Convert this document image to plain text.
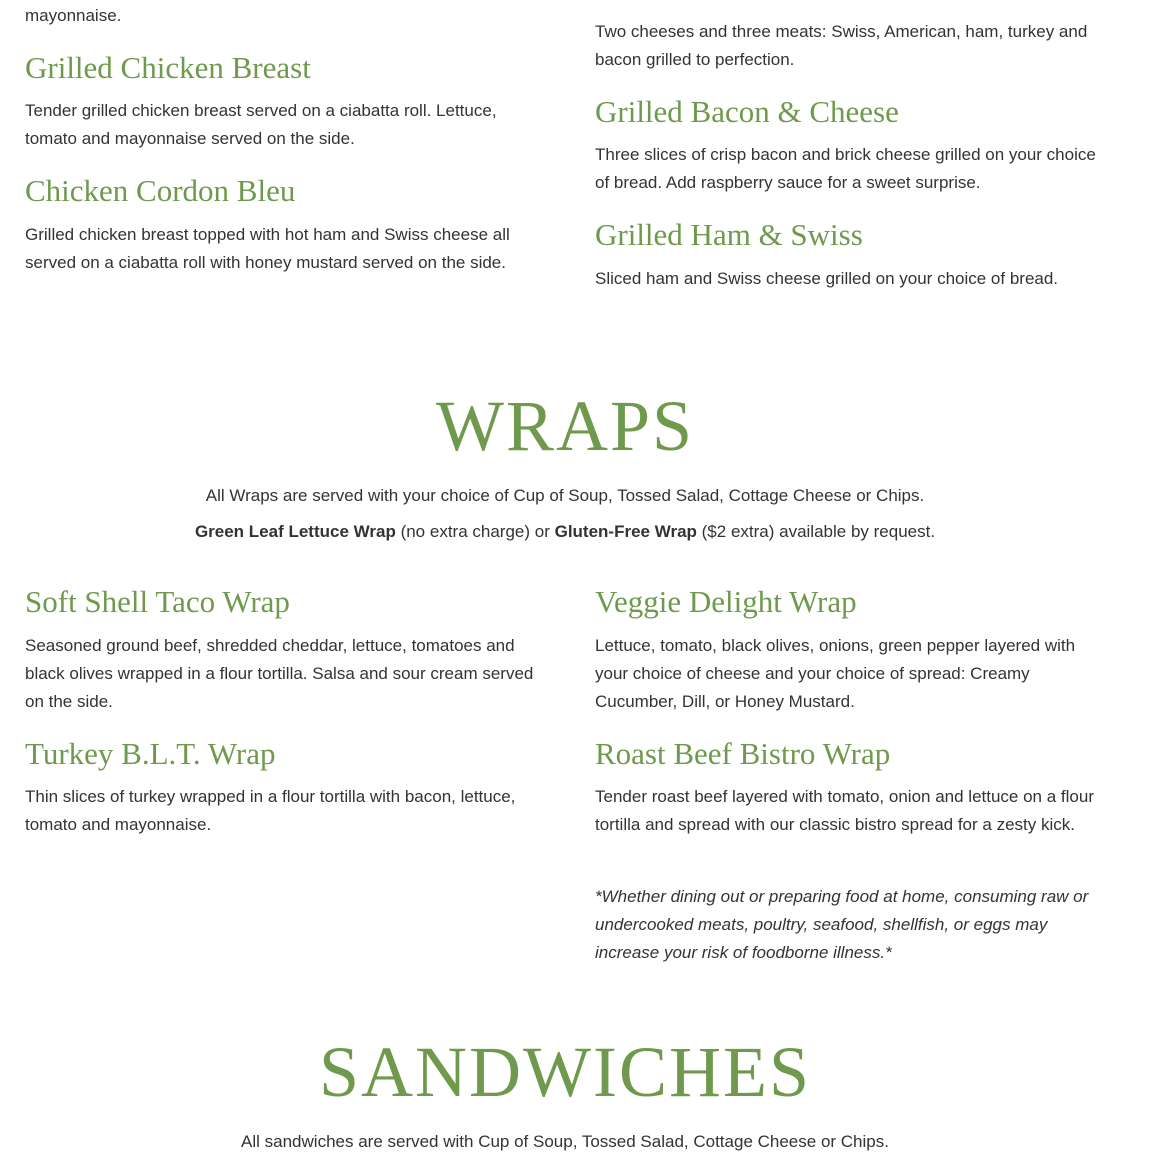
mayonnaise.

Grilled Chicken Breast

Tender grilled chicken breast served on a ciabatta roll. Lettuce, tomato and mayonnaise served on the side.

Chicken Cordon Bleu

Grilled chicken breast topped with hot ham and Swiss cheese all served on a ciabatta roll with honey mustard served on the side.

Two cheeses and three meats: Swiss, American, ham, turkey and bacon grilled to perfection.

Grilled Bacon & Cheese

Three slices of crisp bacon and brick cheese grilled on your choice of bread. Add raspberry sauce for a sweet surprise.

Grilled Ham & Swiss

Sliced ham and Swiss cheese grilled on your choice of bread.

WRAPS

All Wraps are served with your choice of Cup of Soup, Tossed Salad, Cottage Cheese or Chips.

Green Leaf Lettuce Wrap (no extra charge) or Gluten-Free Wrap ($2 extra) available by request.

Soft Shell Taco Wrap

Seasoned ground beef, shredded cheddar, lettuce, tomatoes and black olives wrapped in a flour tortilla. Salsa and sour cream served on the side.

Turkey B.L.T. Wrap

Thin slices of turkey wrapped in a flour tortilla with bacon, lettuce, tomato and mayonnaise.

Veggie Delight Wrap

Lettuce, tomato, black olives, onions, green pepper layered with your choice of cheese and your choice of spread: Creamy Cucumber, Dill, or Honey Mustard.

Roast Beef Bistro Wrap

Tender roast beef layered with tomato, onion and lettuce on a flour tortilla and spread with our classic bistro spread for a zesty kick.

*Whether dining out or preparing food at home, consuming raw or undercooked meats, poultry, seafood, shellfish, or eggs may increase your risk of foodborne illness.*

SANDWICHES

All sandwiches are served with Cup of Soup, Tossed Salad, Cottage Cheese or Chips.
